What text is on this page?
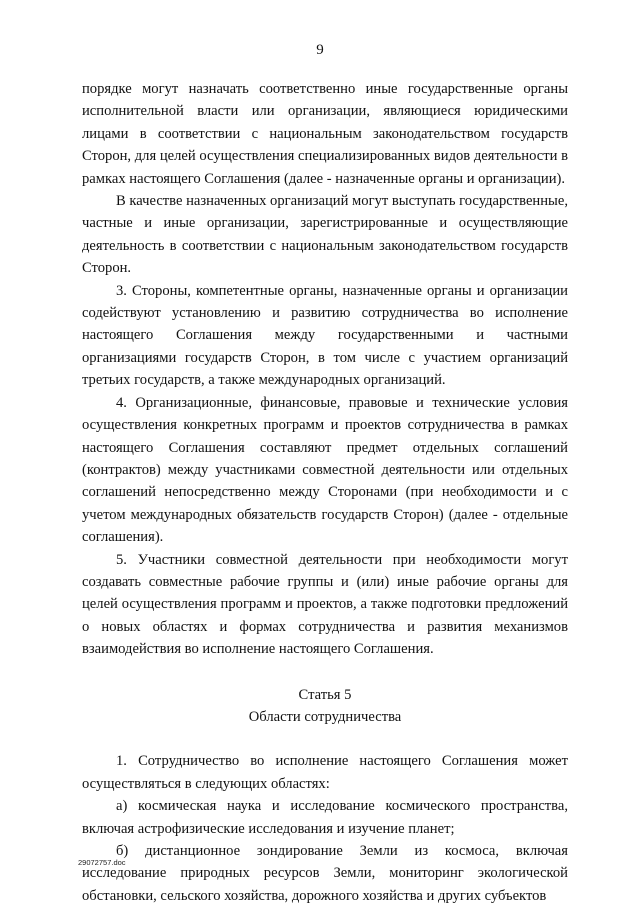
9

порядке могут назначать соответственно иные государственные органы исполнительной власти или организации, являющиеся юридическими лицами в соответствии с национальным законодательством государств Сторон, для целей осуществления специализированных видов деятельности в рамках настоящего Соглашения (далее - назначенные органы и организации).

В качестве назначенных организаций могут выступать государственные, частные и иные организации, зарегистрированные и осуществляющие деятельность в соответствии с национальным законодательством государств Сторон.

3. Стороны, компетентные органы, назначенные органы и организации содействуют установлению и развитию сотрудничества во исполнение настоящего Соглашения между государственными и частными организациями государств Сторон, в том числе с участием организаций третьих государств, а также международных организаций.

4. Организационные, финансовые, правовые и технические условия осуществления конкретных программ и проектов сотрудничества в рамках настоящего Соглашения составляют предмет отдельных соглашений (контрактов) между участниками совместной деятельности или отдельных соглашений непосредственно между Сторонами (при необходимости и с учетом международных обязательств государств Сторон) (далее - отдельные соглашения).

5. Участники совместной деятельности при необходимости могут создавать совместные рабочие группы и (или) иные рабочие органы для целей осуществления программ и проектов, а также подготовки предложений о новых областях и формах сотрудничества и развития механизмов взаимодействия во исполнение настоящего Соглашения.

Статья 5

Области сотрудничества

1. Сотрудничество во исполнение настоящего Соглашения может осуществляться в следующих областях:

а) космическая наука и исследование космического пространства, включая астрофизические исследования и изучение планет;

б) дистанционное зондирование Земли из космоса, включая исследование природных ресурсов Земли, мониторинг экологической обстановки, сельского хозяйства, дорожного хозяйства и других субъектов

29072757.doc
